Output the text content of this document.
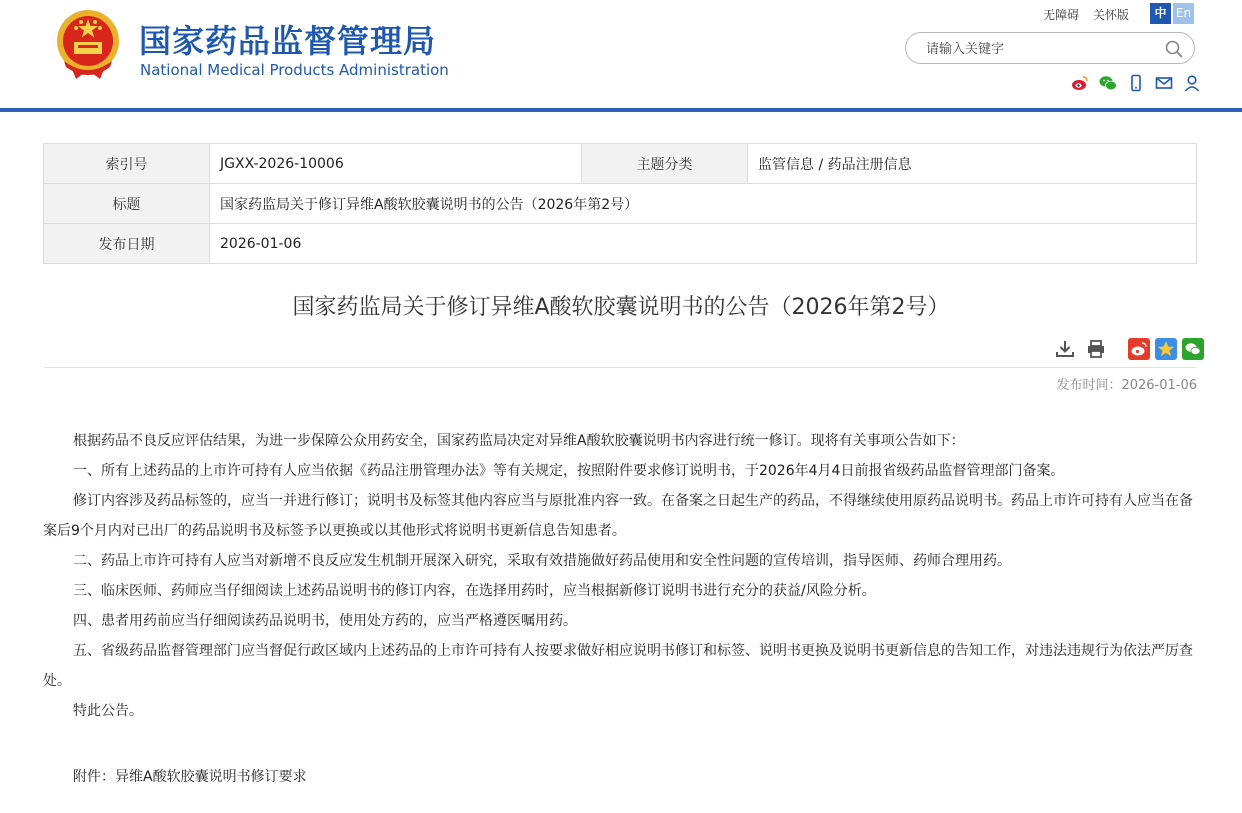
国家药品监督管理局
National Medical Products Administration
无障碍 关怀版	中 En
请输入关键字

索引号	JGXX-2026-10006	主题分类	监管信息 / 药品注册信息
标题	国家药监局关于修订异维A酸软胶囊说明书的公告（2026年第2号）		
发布日期	2026-01-06		
国家药监局关于修订异维A酸软胶囊说明书的公告（2026年第2号）

发布时间：2026-01-06

根据药品不良反应评估结果，为进一步保障公众用药安全，国家药监局决定对异维A酸软胶囊说明书内容进行统一修订。现将有关事项公告如下：

一、所有上述药品的上市许可持有人应当依据《药品注册管理办法》等有关规定，按照附件要求修订说明书，于2026年4月4日前报省级药品监督管理部门备案。

修订内容涉及药品标签的，应当一并进行修订；说明书及标签其他内容应当与原批准内容一致。在备案之日起生产的药品，不得继续使用原药品说明书。药品上市许可持有人应当在备案后9个月内对已出厂的药品说明书及标签予以更换或以其他形式将说明书更新信息告知患者。

二、药品上市许可持有人应当对新增不良反应发生机制开展深入研究，采取有效措施做好药品使用和安全性问题的宣传培训，指导医师、药师合理用药。

三、临床医师、药师应当仔细阅读上述药品说明书的修订内容，在选择用药时，应当根据新修订说明书进行充分的获益/风险分析。

四、患者用药前应当仔细阅读药品说明书，使用处方药的，应当严格遵医嘱用药。

五、省级药品监督管理部门应当督促行政区域内上述药品的上市许可持有人按要求做好相应说明书修订和标签、说明书更换及说明书更新信息的告知工作，对违法违规行为依法严厉查处。

特此公告。

附件：异维A酸软胶囊说明书修订要求
